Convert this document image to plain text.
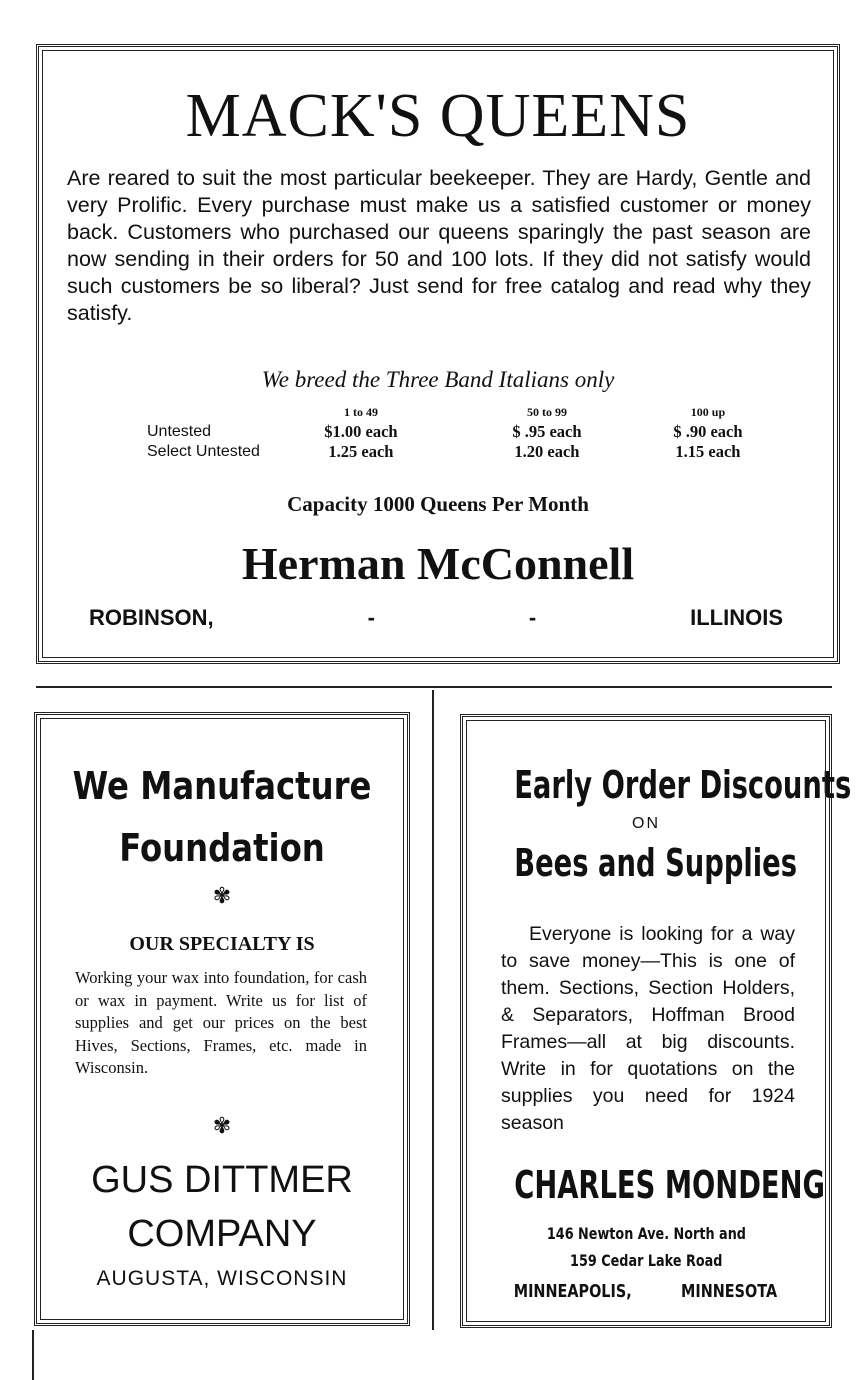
MACK'S QUEENS
Are reared to suit the most particular beekeeper. They are Hardy, Gentle and very Prolific. Every purchase must make us a satisfied customer or money back. Customers who purchased our queens sparingly the past season are now sending in their orders for 50 and 100 lots. If they did not satisfy would such customers be so liberal? Just send for free catalog and read why they satisfy.
We breed the Three Band Italians only
	1 to 49	50 to 99	100 up
Untested	$1.00 each	$ .95 each	$ .90 each
Select Untested	1.25 each	1.20 each	1.15 each
Capacity 1000 Queens Per Month
Herman McConnell
ROBINSON,	-	-	ILLINOIS
We Manufacture
Foundation
✾
OUR SPECIALTY IS
Working your wax into foundation, for cash or wax in payment. Write us for list of supplies and get our prices on the best Hives, Sections, Frames, etc. made in Wisconsin.
✾
GUS DITTMER
COMPANY
AUGUSTA, WISCONSIN
Early Order Discounts
ON
Bees and Supplies
Everyone is looking for a way to save money—This is one of them. Sections, Section Holders, & Separators, Hoffman Brood Frames—all at big discounts. Write in for quotations on the supplies you need for 1924 season
CHARLES MONDENG
146 Newton Ave. North and
159 Cedar Lake Road
MINNEAPOLIS,	MINNESOTA
